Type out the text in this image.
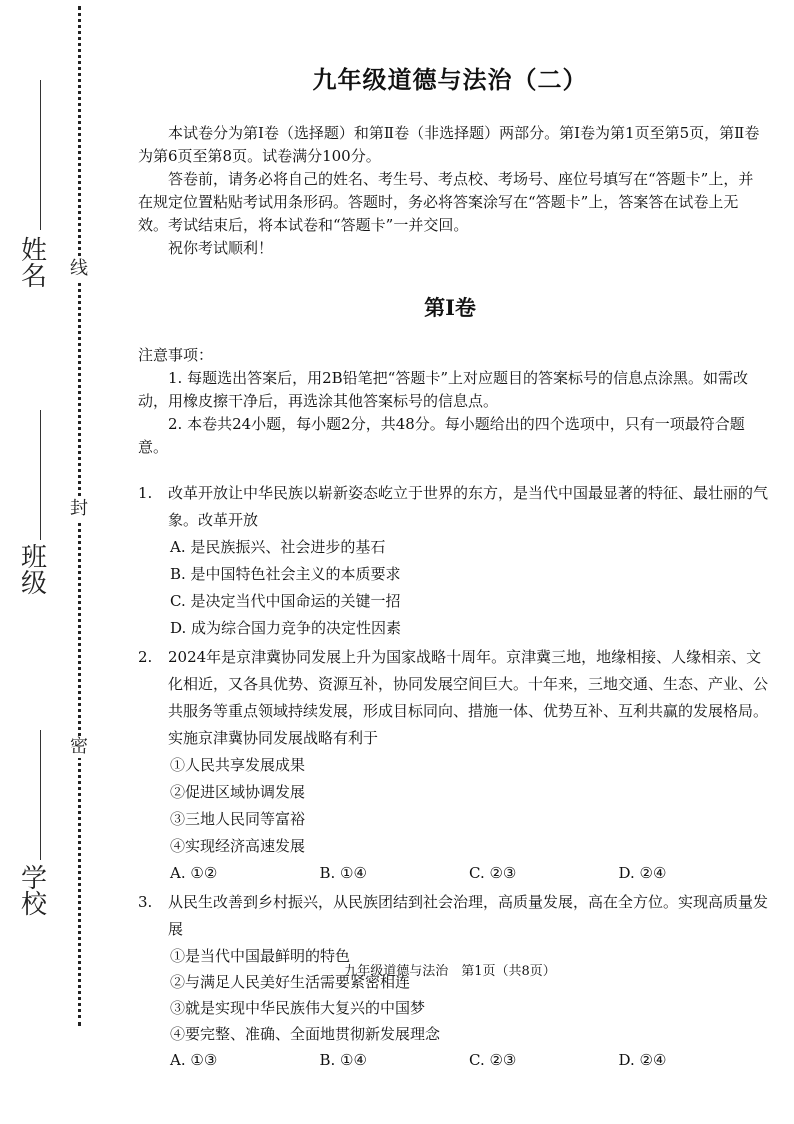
姓名
班级
学校
线
封
密
九年级道德与法治（二）

本试卷分为第Ⅰ卷（选择题）和第Ⅱ卷（非选择题）两部分。第Ⅰ卷为第1页至第5页，第Ⅱ卷为第6页至第8页。试卷满分100分。

答卷前，请务必将自己的姓名、考生号、考点校、考场号、座位号填写在“答题卡”上，并在规定位置粘贴考试用条形码。答题时，务必将答案涂写在“答题卡”上，答案答在试卷上无效。考试结束后，将本试卷和“答题卡”一并交回。

祝你考试顺利！

第Ⅰ卷

注意事项：

1. 每题选出答案后，用2B铅笔把“答题卡”上对应题目的答案标号的信息点涂黑。如需改动，用橡皮擦干净后，再选涂其他答案标号的信息点。

2. 本卷共24小题，每小题2分，共48分。每小题给出的四个选项中，只有一项最符合题意。

1.	改革开放让中华民族以崭新姿态屹立于世界的东方，是当代中国最显著的特征、最壮丽的气象。改革开放
A. 是民族振兴、社会进步的基石
B. 是中国特色社会主义的本质要求
C. 是决定当代中国命运的关键一招
D. 成为综合国力竞争的决定性因素
2.	2024年是京津冀协同发展上升为国家战略十周年。京津冀三地，地缘相接、人缘相亲、文化相近，又各具优势、资源互补，协同发展空间巨大。十年来，三地交通、生态、产业、公共服务等重点领域持续发展，形成目标同向、措施一体、优势互补、互利共赢的发展格局。实施京津冀协同发展战略有利于
①人民共享发展成果
②促进区域协调发展
③三地人民同等富裕
④实现经济高速发展
A. ①②	B. ①④	C. ②③	D. ②④
3.	从民生改善到乡村振兴，从民族团结到社会治理，高质量发展，高在全方位。实现高质量发展
①是当代中国最鲜明的特色
②与满足人民美好生活需要紧密相连
③就是实现中华民族伟大复兴的中国梦
④要完整、准确、全面地贯彻新发展理念
A. ①③	B. ①④	C. ②③	D. ②④
九年级道德与法治　第1页（共8页）
